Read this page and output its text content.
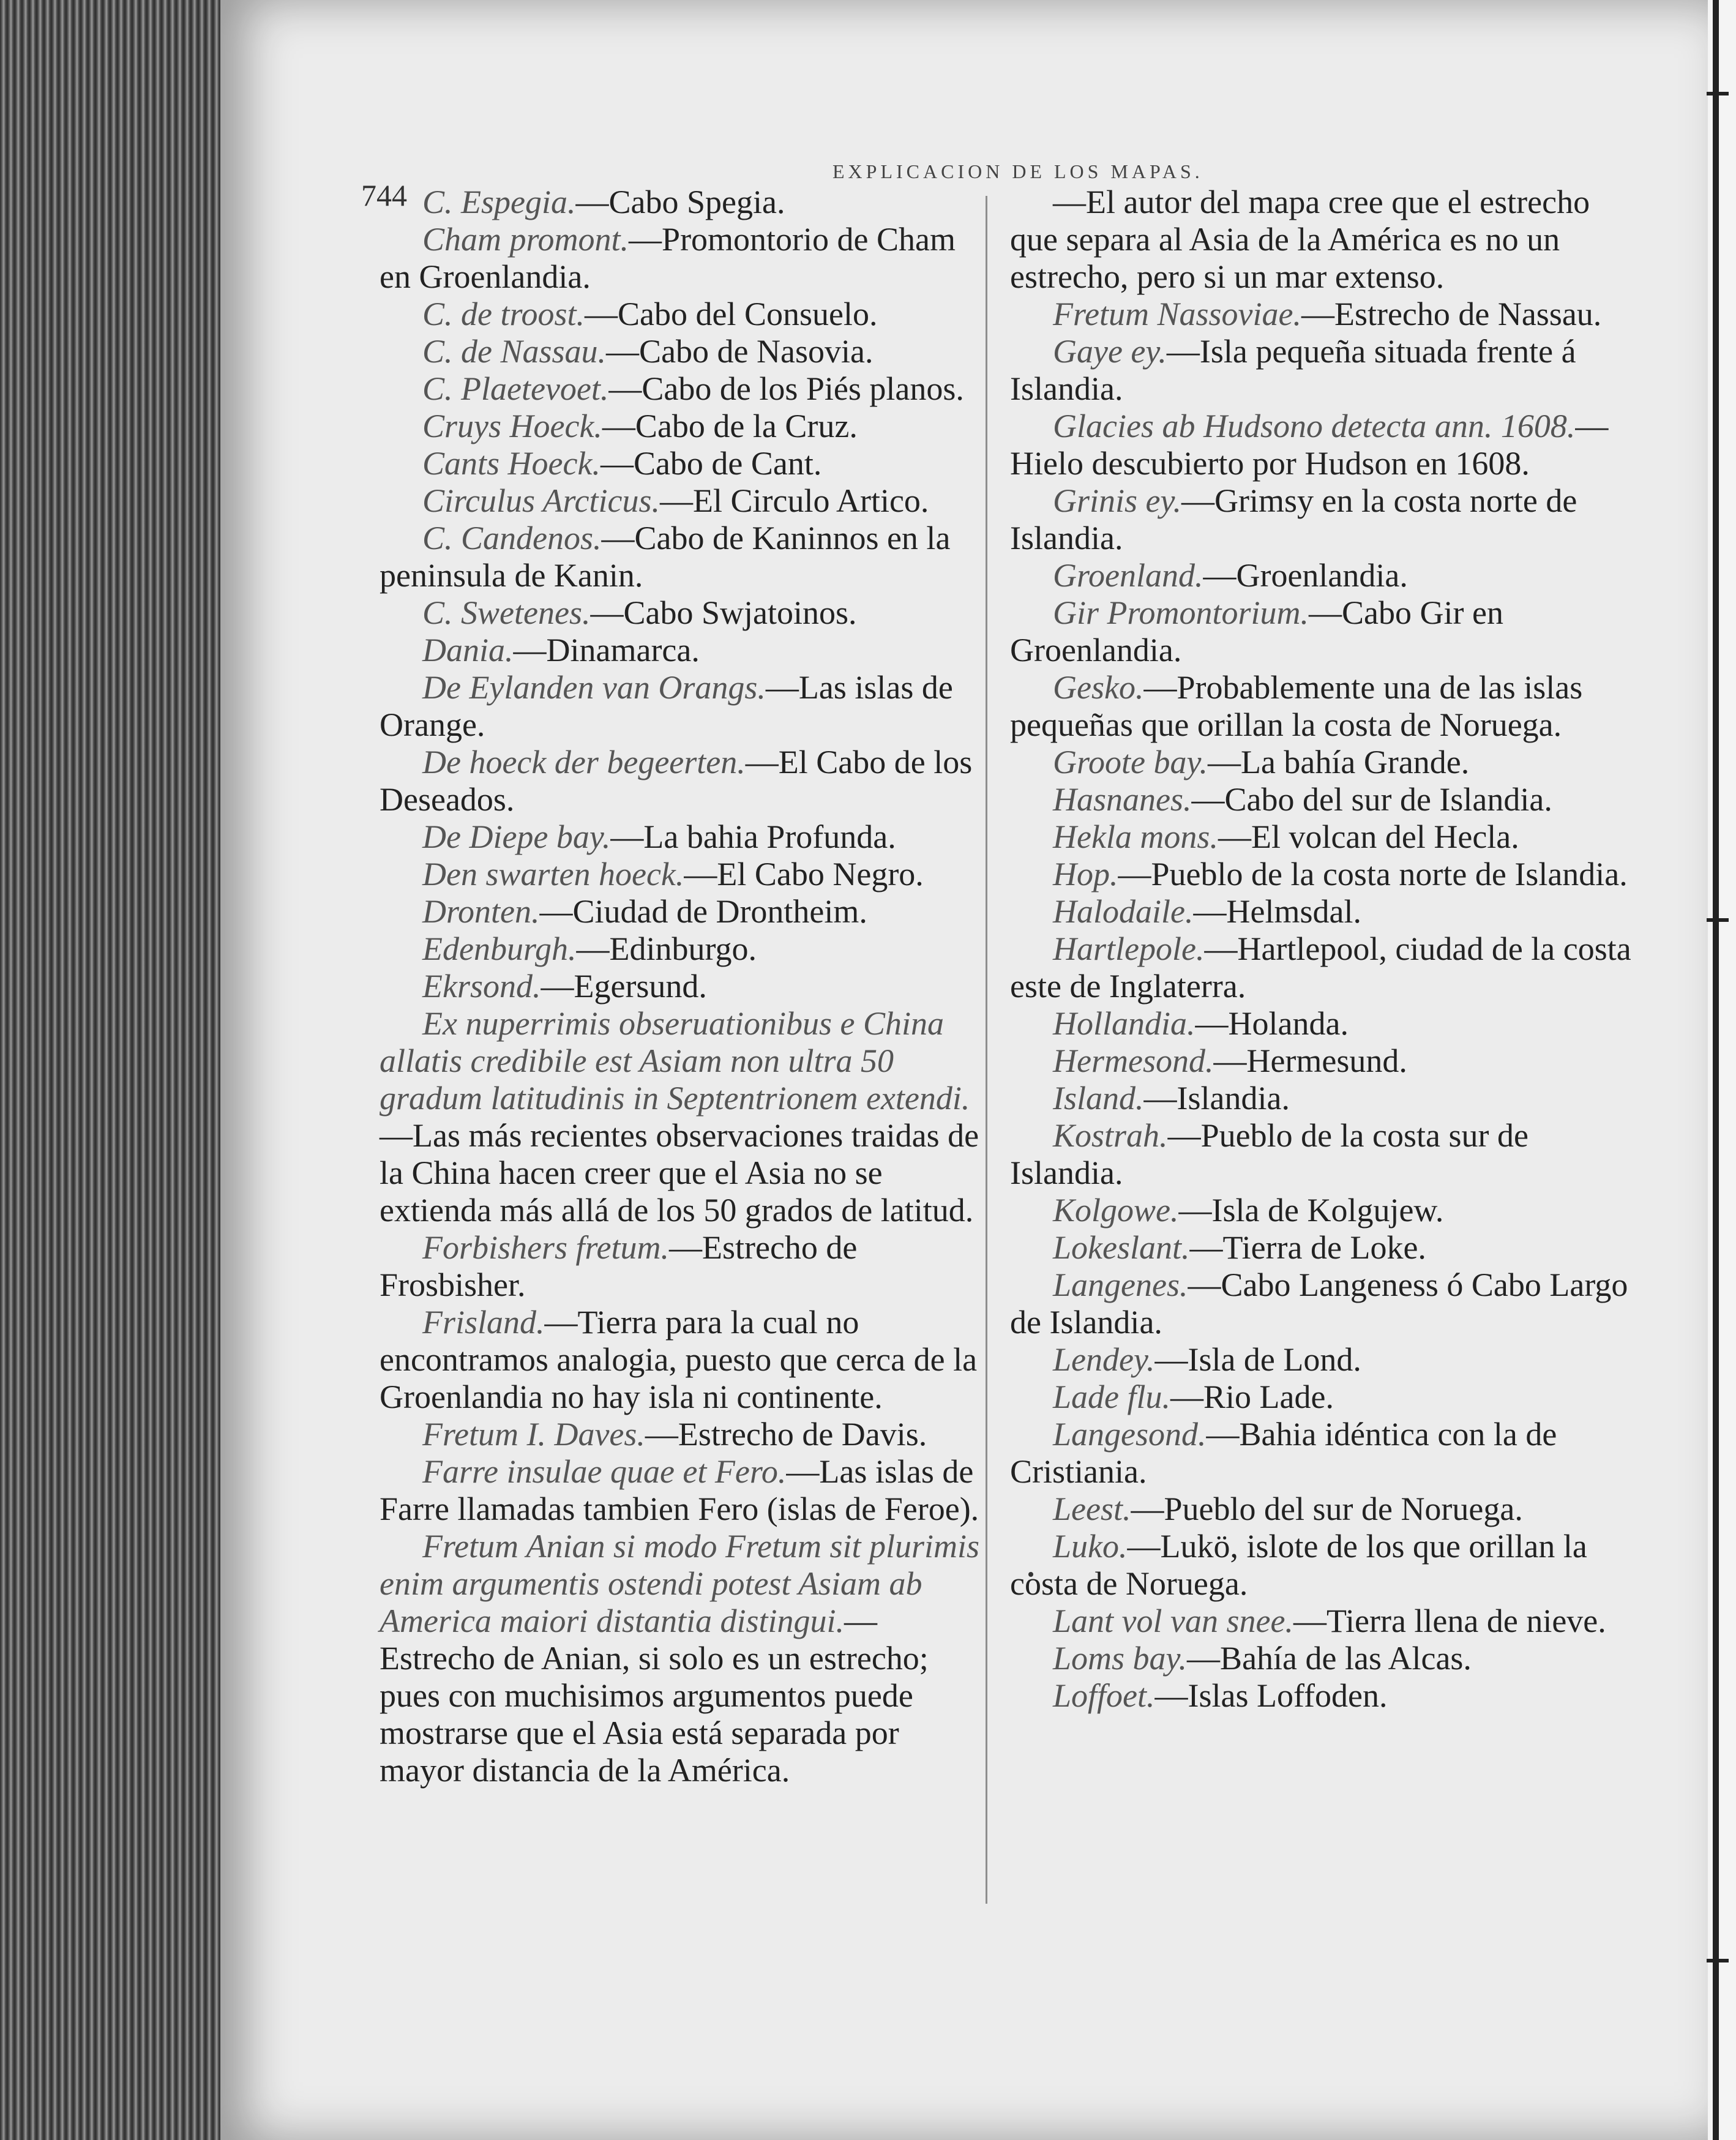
744
EXPLICACION DE LOS MAPAS.

C. Espegia.—Cabo Spegia.

Cham promont.—Promontorio de Cham en Groenlandia.

C. de troost.—Cabo del Consuelo.

C. de Nassau.—Cabo de Nasovia.

C. Plaetevoet.—Cabo de los Piés planos.

Cruys Hoeck.—Cabo de la Cruz.

Cants Hoeck.—Cabo de Cant.

Circulus Arcticus.—El Circulo Artico.

C. Candenos.—Cabo de Kaninnos en la peninsula de Kanin.

C. Swetenes.—Cabo Swjatoinos.

Dania.—Dinamarca.

De Eylanden van Orangs.—Las islas de Orange.

De hoeck der begeerten.—El Cabo de los Deseados.

De Diepe bay.—La bahia Profunda.

Den swarten hoeck.—El Cabo Negro.

Dronten.—Ciudad de Drontheim.

Edenburgh.—Edinburgo.

Ekrsond.—Egersund.

Ex nuperrimis obseruationibus e China allatis credibile est Asiam non ultra 50 gradum latitudinis in Septentrionem extendi.—Las más recientes observaciones traidas de la China hacen creer que el Asia no se extienda más allá de los 50 grados de latitud.

Forbishers fretum.—Estrecho de Frosbisher.

Frisland.—Tierra para la cual no encontramos analogia, puesto que cerca de la Groenlandia no hay isla ni continente.

Fretum I. Daves.—Estrecho de Davis.

Farre insulae quae et Fero.—Las islas de Farre llamadas tambien Fero (islas de Feroe).

Fretum Anian si modo Fretum sit plurimis enim argumentis ostendi potest Asiam ab America maiori distantia distingui.—Estrecho de Anian, si solo es un estrecho; pues con muchisimos argumentos puede mostrarse que el Asia está separada por mayor distancia de la América.

—El autor del mapa cree que el estrecho que separa al Asia de la América es no un estrecho, pero si un mar extenso.

Fretum Nassoviae.—Estrecho de Nassau.

Gaye ey.—Isla pequeña situada frente á Islandia.

Glacies ab Hudsono detecta ann. 1608.—Hielo descubierto por Hudson en 1608.

Grinis ey.—Grimsy en la costa norte de Islandia.

Groenland.—Groenlandia.

Gir Promontorium.—Cabo Gir en Groenlandia.

Gesko.—Probablemente una de las islas pequeñas que orillan la costa de Noruega.

Groote bay.—La bahía Grande.

Hasnanes.—Cabo del sur de Islandia.

Hekla mons.—El volcan del Hecla.

Hop.—Pueblo de la costa norte de Islandia.

Halodaile.—Helmsdal.

Hartlepole.—Hartlepool, ciudad de la costa este de Inglaterra.

Hollandia.—Holanda.

Hermesond.—Hermesund.

Island.—Islandia.

Kostrah.—Pueblo de la costa sur de Islandia.

Kolgowe.—Isla de Kolgujew.

Lokeslant.—Tierra de Loke.

Langenes.—Cabo Langeness ó Cabo Largo de Islandia.

Lendey.—Isla de Lond.

Lade flu.—Rio Lade.

Langesond.—Bahia idéntica con la de Cristiania.

Leest.—Pueblo del sur de Noruega.

Luko.—Lukö, islote de los que orillan la costa de Noruega.

Lant vol van snee.—Tierra llena de nieve.

Loms bay.—Bahía de las Alcas.

Loffoet.—Islas Loffoden.
